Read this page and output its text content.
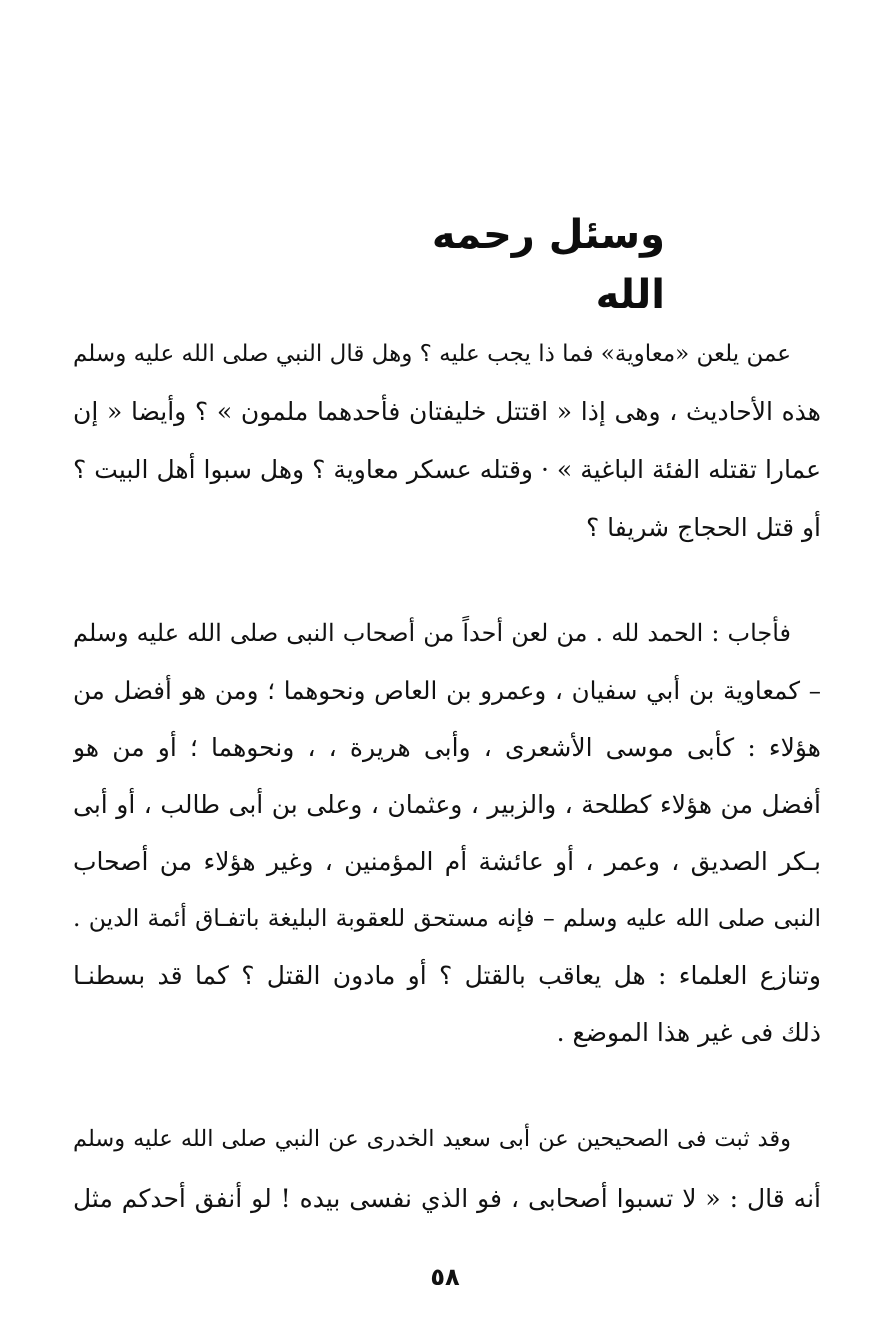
وسئل رحمه الله
عمن يلعن «معاوية» فما ذا يجب عليه ؟ وهل قال النبي صلى الله عليه وسلم
هذه الأحاديث ، وهى إذا « اقتتل خليفتان فأحدهما ملمون » ؟ وأيضا « إن
عمارا تقتله الفئة الباغية » · وقتله عسكر معاوية ؟ وهل سبوا أهل البيت ؟
أو قتل الحجاج شريفا ؟
فأجاب : الحمد لله . من لعن أحداً من أصحاب النبى صلى الله عليه وسلم
– كمعاوية بن أبي سفيان ، وعمرو بن العاص ونحوهما ؛ ومن هو أفضل من
هؤلاء : كأبى موسى الأشعرى ، وأبى هريرة ، ، ونحوهما ؛ أو من هو
أفضل من هؤلاء كطلحة ، والزبير ، وعثمان ، وعلى بن أبى طالب ، أو أبى
بـكر الصديق ، وعمر ، أو عائشة أم المؤمنين ، وغير هؤلاء من أصحاب
النبى صلى الله عليه وسلم – فإنه مستحق للعقوبة البليغة باتفـاق أئمة الدين .
وتنازع العلماء : هل يعاقب بالقتل ؟ أو مادون القتل ؟ كما قد بسطنـا
ذلك فى غير هذا الموضع .
وقد ثبت فى الصحيحين عن أبى سعيد الخدرى عن النبي صلى الله عليه وسلم
أنه قال : « لا تسبوا أصحابى ، فو الذي نفسى بيده ! لو أنفق أحدكم مثل
٥٨
